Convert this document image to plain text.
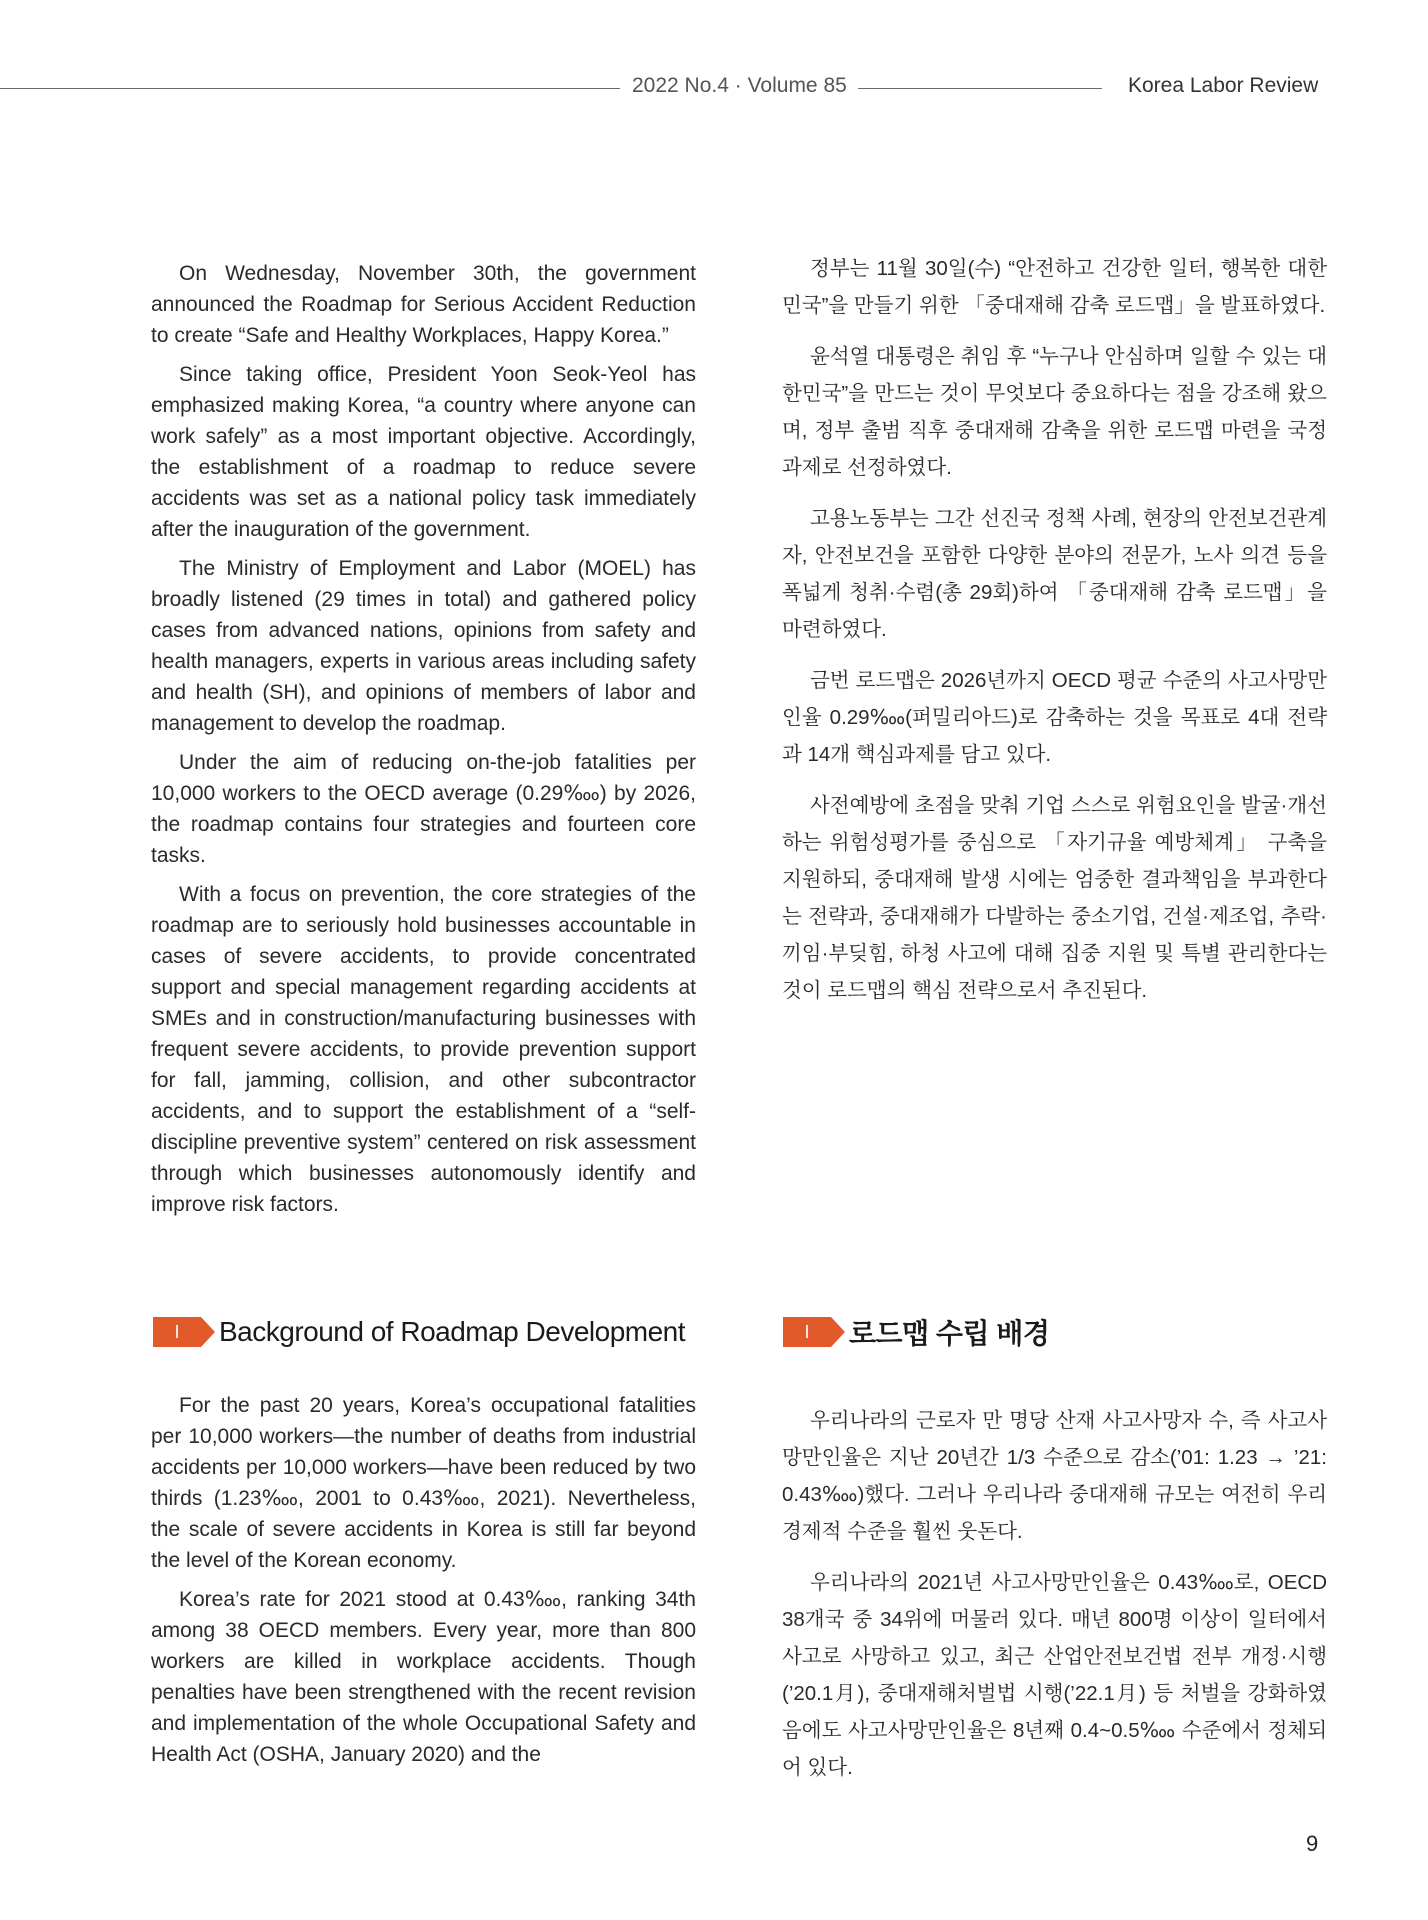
2022 No.4 · Volume 85	Korea Labor Review

On Wednesday, November 30th, the government announced the Roadmap for Serious Accident Reduction to create “Safe and Healthy Workplaces, Happy Korea.”

Since taking office, President Yoon Seok-Yeol has emphasized making Korea, “a country where anyone can work safely” as a most important objective. Accordingly, the establishment of a roadmap to reduce severe accidents was set as a national policy task immediately after the inauguration of the government.

The Ministry of Employment and Labor (MOEL) has broadly listened (29 times in total) and gathered policy cases from advanced nations, opinions from safety and health managers, experts in various areas including safety and health (SH), and opinions of members of labor and management to develop the roadmap.

Under the aim of reducing on-the-job fatalities per 10,000 workers to the OECD average (0.29‱) by 2026, the roadmap contains four strategies and fourteen core tasks.

With a focus on prevention, the core strategies of the roadmap are to seriously hold businesses accountable in cases of severe accidents, to provide concentrated support and special management regarding accidents at SMEs and in construction/manufacturing businesses with frequent severe accidents, to provide prevention support for fall, jamming, collision, and other subcontractor accidents, and to support the establishment of a “self-discipline preventive system” centered on risk assessment through which businesses autonomously identify and improve risk factors.

정부는 11월 30일(수) “안전하고 건강한 일터, 행복한 대한민국”을 만들기 위한 「중대재해 감축 로드맵」을 발표하였다.

윤석열 대통령은 취임 후 “누구나 안심하며 일할 수 있는 대한민국”을 만드는 것이 무엇보다 중요하다는 점을 강조해 왔으며, 정부 출범 직후 중대재해 감축을 위한 로드맵 마련을 국정과제로 선정하였다.

고용노동부는 그간 선진국 정책 사례, 현장의 안전보건관계자, 안전보건을 포함한 다양한 분야의 전문가, 노사 의견 등을 폭넓게 청취·수렴(총 29회)하여 「중대재해 감축 로드맵」을 마련하였다.

금번 로드맵은 2026년까지 OECD 평균 수준의 사고사망만인율 0.29‱(퍼밀리아드)로 감축하는 것을 목표로 4대 전략과 14개 핵심과제를 담고 있다.

사전예방에 초점을 맞춰 기업 스스로 위험요인을 발굴·개선하는 위험성평가를 중심으로 「자기규율 예방체계」 구축을 지원하되, 중대재해 발생 시에는 엄중한 결과책임을 부과한다는 전략과, 중대재해가 다발하는 중소기업, 건설·제조업, 추락·끼임·부딪힘, 하청 사고에 대해 집중 지원 및 특별 관리한다는 것이 로드맵의 핵심 전략으로서 추진된다.

I	Background of Roadmap Development	I	로드맵 수립 배경

For the past 20 years, Korea’s occupational fatalities per 10,000 workers—the number of deaths from industrial accidents per 10,000 workers—have been reduced by two thirds (1.23‱, 2001 to 0.43‱, 2021). Nevertheless, the scale of severe accidents in Korea is still far beyond the level of the Korean economy.

Korea’s rate for 2021 stood at 0.43‱, ranking 34th among 38 OECD members. Every year, more than 800 workers are killed in workplace accidents. Though penalties have been strengthened with the recent revision and implementation of the whole Occupational Safety and Health Act (OSHA, January 2020) and the

우리나라의 근로자 만 명당 산재 사고사망자 수, 즉 사고사망만인율은 지난 20년간 1/3 수준으로 감소(’01: 1.23 → ’21: 0.43‱)했다. 그러나 우리나라 중대재해 규모는 여전히 우리 경제적 수준을 훨씬 웃돈다.

우리나라의 2021년 사고사망만인율은 0.43‱로, OECD 38개국 중 34위에 머물러 있다. 매년 800명 이상이 일터에서 사고로 사망하고 있고, 최근 산업안전보건법 전부 개정·시행(’20.1月), 중대재해처벌법 시행(’22.1月) 등 처벌을 강화하였음에도 사고사망만인율은 8년째 0.4~0.5‱ 수준에서 정체되어 있다.

9
